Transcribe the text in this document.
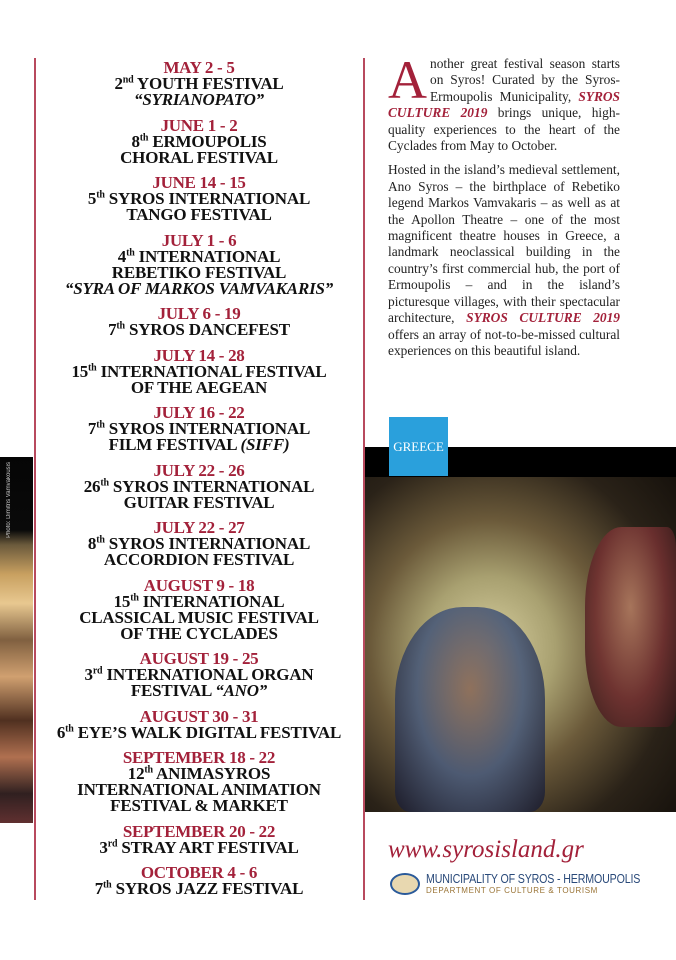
Photo: Dimitris Vamvakousis
MAY 2 - 5
2nd YOUTH FESTIVAL
“SYRIANOPATO”
JUNE 1 - 2
8th ERMOUPOLIS
CHORAL FESTIVAL
JUNE 14 - 15
5th SYROS INTERNATIONAL
TANGO FESTIVAL
JULY 1 - 6
4th INTERNATIONAL
REBETIKO FESTIVAL
“SYRA OF MARKOS VAMVAKARIS”
JULY 6 - 19
7th SYROS DANCEFEST
JULY 14 - 28
15th INTERNATIONAL FESTIVAL
OF THE AEGEAN
JULY 16 - 22
7th SYROS INTERNATIONAL
FILM FESTIVAL (SIFF)
JULY 22 - 26
26th SYROS INTERNATIONAL
GUITAR FESTIVAL
JULY 22 - 27
8th SYROS INTERNATIONAL
ACCORDION FESTIVAL
AUGUST 9 - 18
15th INTERNATIONAL
CLASSICAL MUSIC FESTIVAL
OF THE CYCLADES
AUGUST 19 - 25
3rd INTERNATIONAL ORGAN
FESTIVAL “ANO”
AUGUST 30 - 31
6th EYE’S WALK DIGITAL FESTIVAL
SEPTEMBER 18 - 22
12th ANIMASYROS
INTERNATIONAL ANIMATION
FESTIVAL & MARKET
SEPTEMBER 20 - 22
3rd STRAY ART FESTIVAL
OCTOBER 4 - 6
7th SYROS JAZZ FESTIVAL

Another great festival season starts on Syros! Curated by the Syros-Ermoupolis Municipality, SYROS CULTURE 2019 brings unique, high-quality experiences to the heart of the Cyclades from May to October.

Hosted in the island’s medieval settlement, Ano Syros – the birthplace of Rebetiko legend Markos Vamvakaris – as well as at the Apollon Theatre – one of the most magnificent theatre houses in Greece, a landmark neoclassical building in the country’s first commercial hub, the port of Ermoupolis – and in the island’s picturesque villages, with their spectacular architecture, SYROS CULTURE 2019 offers an array of not-to-be-missed cultural experiences on this beautiful island.

GREECE
www.syrosisland.gr
MUNICIPALITY OF SYROS - HERMOUPOLIS
DEPARTMENT OF CULTURE & TOURISM
